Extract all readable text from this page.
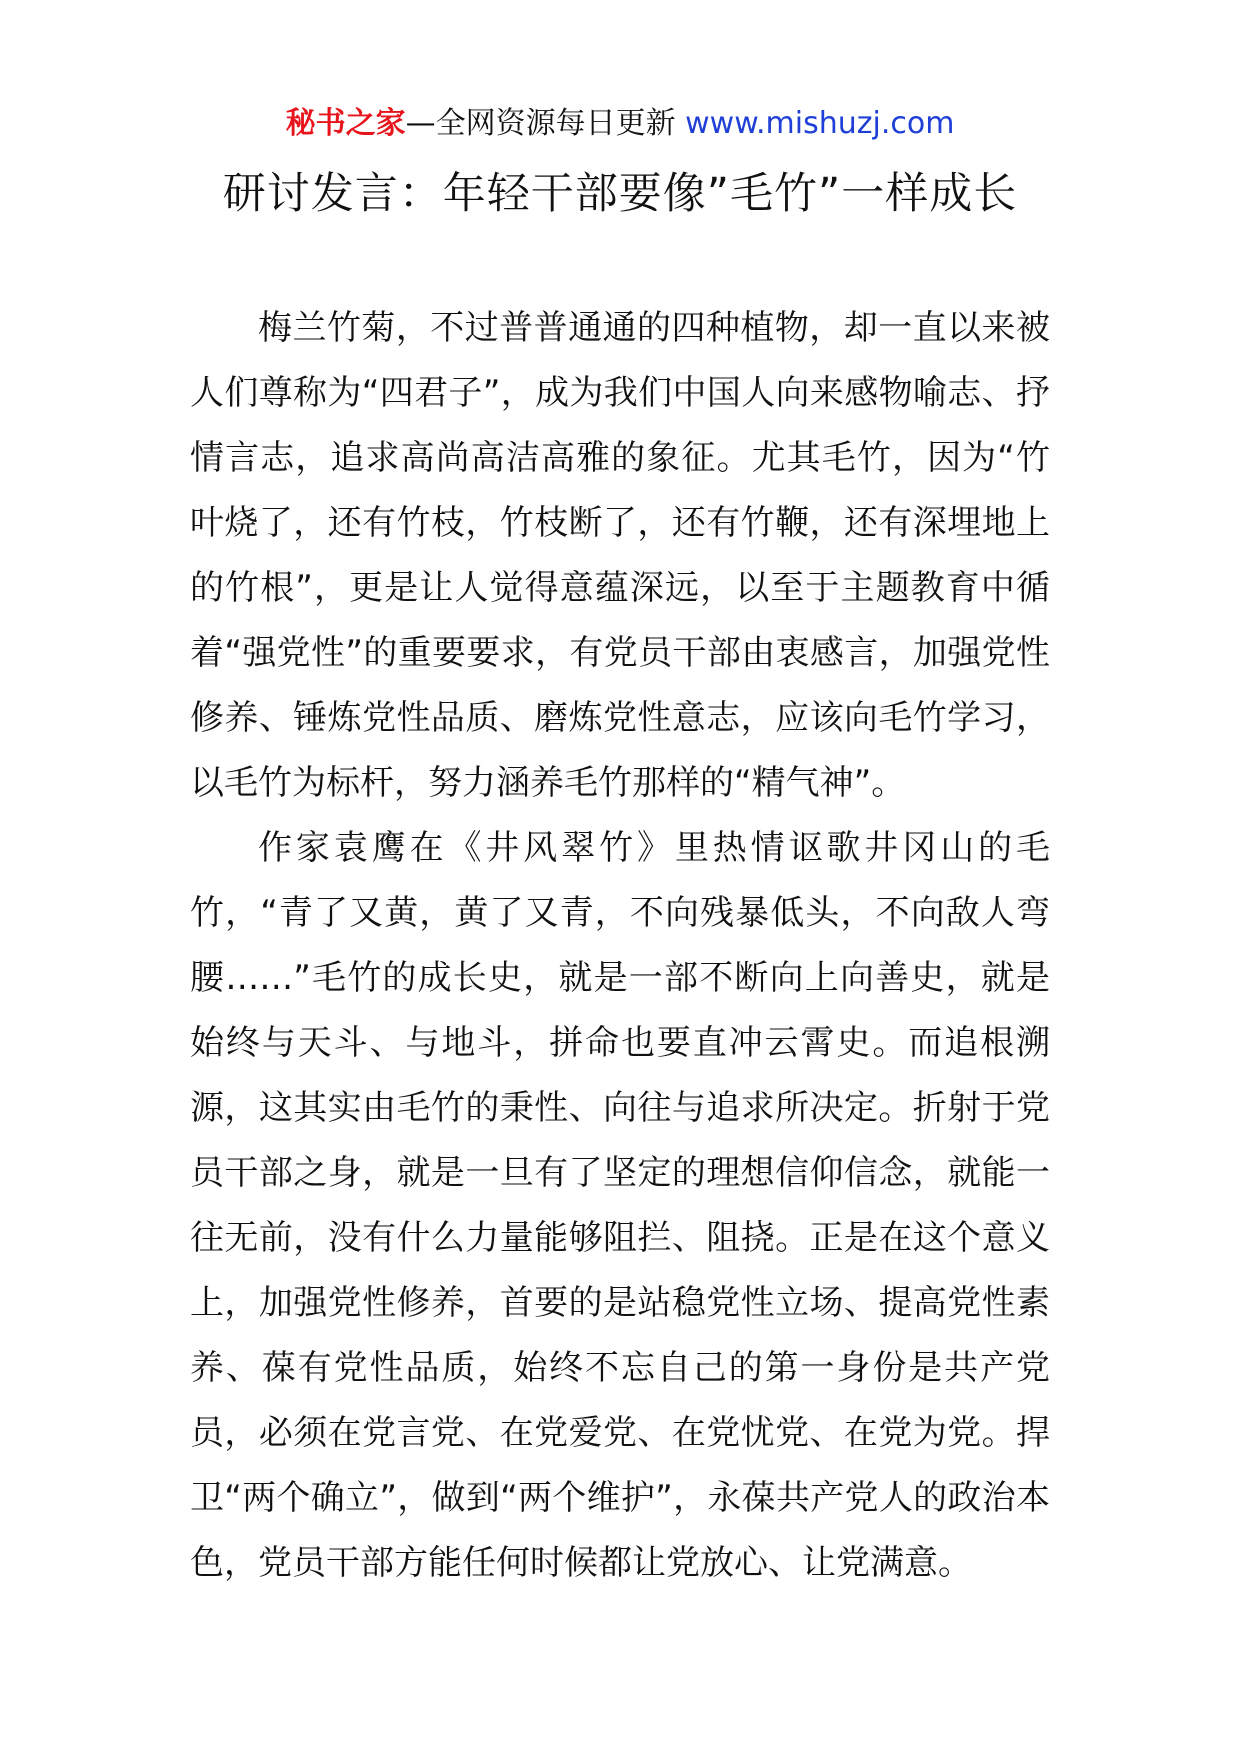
秘书之家—全网资源每日更新 www.mishuzj.com
研讨发言：年轻干部要像”毛竹”一样成长

梅兰竹菊，不过普普通通的四种植物，却一直以来被人们尊称为“四君子”，成为我们中国人向来感物喻志、抒情言志，追求高尚高洁高雅的象征。尤其毛竹，因为“竹叶烧了，还有竹枝，竹枝断了，还有竹鞭，还有深埋地上的竹根”，更是让人觉得意蕴深远，以至于主题教育中循着“强党性”的重要要求，有党员干部由衷感言，加强党性修养、锤炼党性品质、磨炼党性意志，应该向毛竹学习，以毛竹为标杆，努力涵养毛竹那样的“精气神”。

作家袁鹰在《井风翠竹》里热情讴歌井冈山的毛竹，“青了又黄，黄了又青，不向残暴低头，不向敌人弯腰……”毛竹的成长史，就是一部不断向上向善史，就是始终与天斗、与地斗，拼命也要直冲云霄史。而追根溯源，这其实由毛竹的秉性、向往与追求所决定。折射于党员干部之身，就是一旦有了坚定的理想信仰信念，就能一往无前，没有什么力量能够阻拦、阻挠。正是在这个意义上，加强党性修养，首要的是站稳党性立场、提高党性素养、葆有党性品质，始终不忘自己的第一身份是共产党员，必须在党言党、在党爱党、在党忧党、在党为党。捍卫“两个确立”，做到“两个维护”，永葆共产党人的政治本色，党员干部方能任何时候都让党放心、让党满意。
